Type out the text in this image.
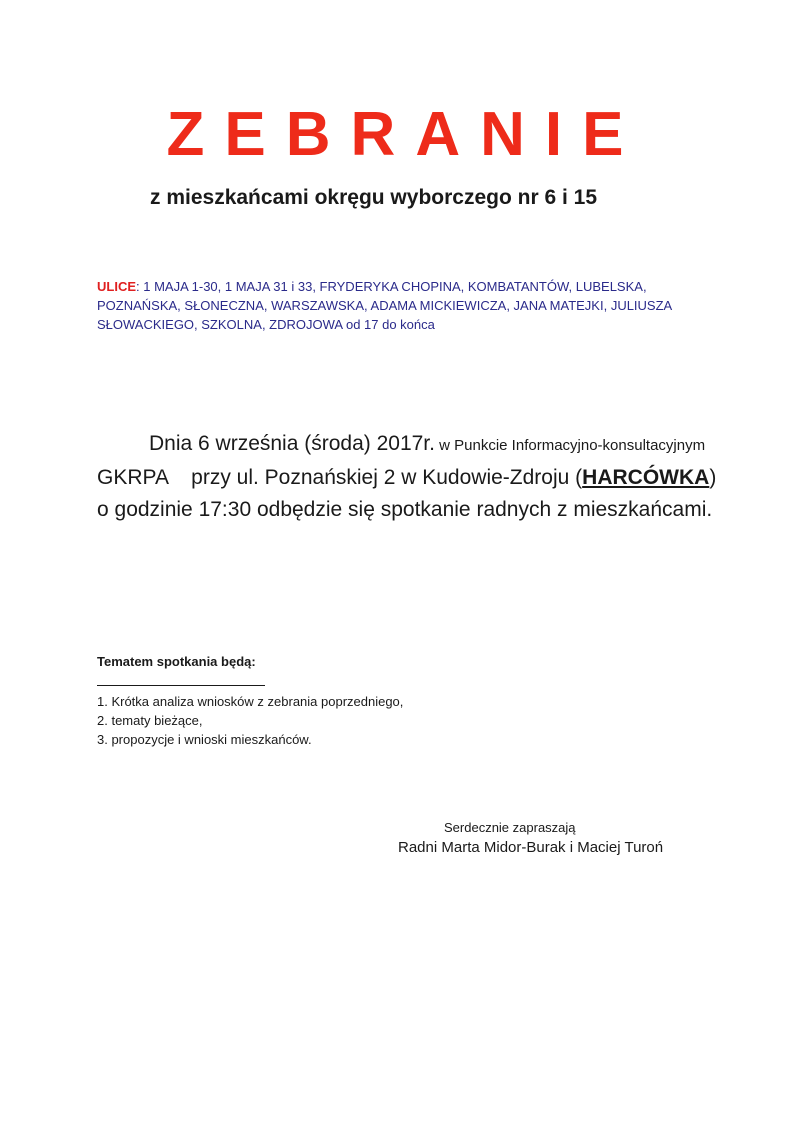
ZEBRANIE
z mieszkańcami okręgu wyborczego nr 6 i 15
ULICE: 1 MAJA 1-30, 1 MAJA 31 i 33, FRYDERYKA CHOPINA, KOMBATANTÓW, LUBELSKA, POZNAŃSKA, SŁONECZNA, WARSZAWSKA, ADAMA MICKIEWICZA, JANA MATEJKI, JULIUSZA SŁOWACKIEGO, SZKOLNA, ZDROJOWA od 17 do końca
Dnia 6 września (środa) 2017r. w Punkcie Informacyjno-konsultacyjnym GKRPA    przy ul. Poznańskiej 2 w Kudowie-Zdroju (HARCÓWKA) o godzinie 17:30 odbędzie się spotkanie radnych z mieszkańcami.
Tematem spotkania będą:
1. Krótka analiza wniosków z zebrania poprzedniego,
2. tematy bieżące,
3. propozycje i wnioski mieszkańców.
Serdecznie zapraszają
Radni Marta Midor-Burak i Maciej Turoń
